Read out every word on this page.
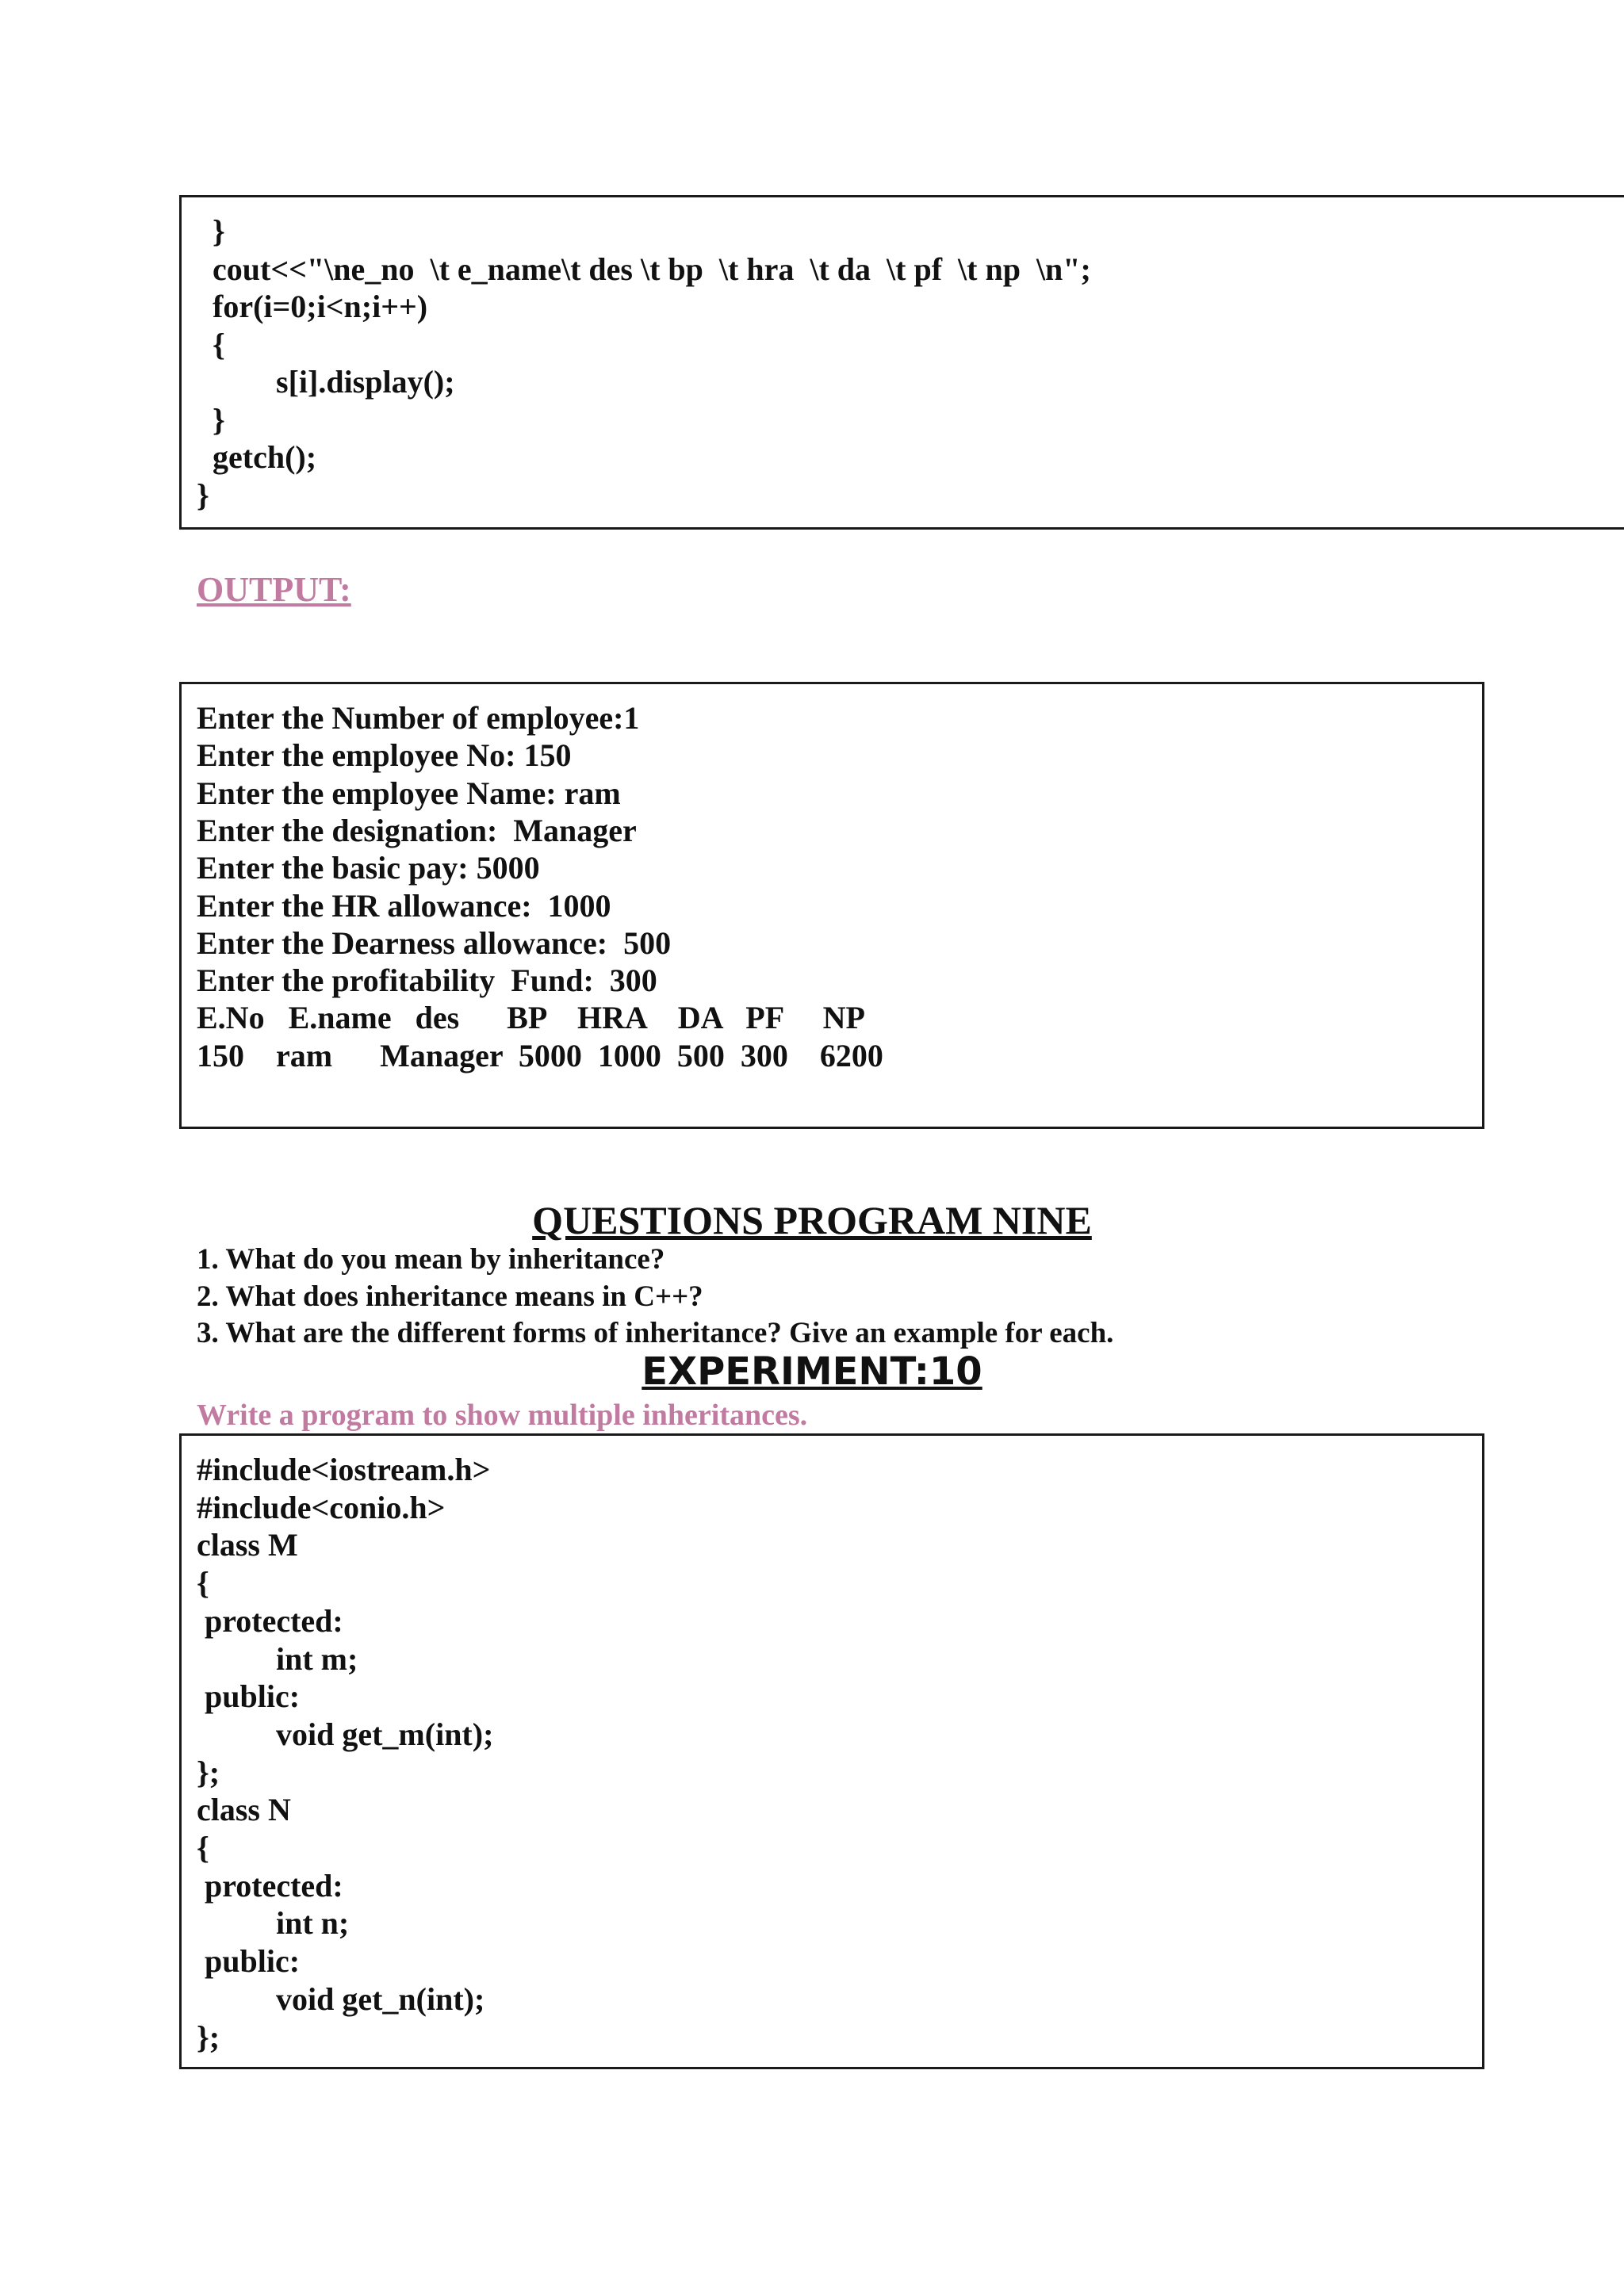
}
cout<<"\ne_no  \t e_name\t des \t bp  \t hra  \t da  \t pf  \t np  \n";
for(i=0;i<n;i++)
{
s[i].display();
}
getch();
}
OUTPUT:
Enter the Number of employee:1
Enter the employee No: 150
Enter the employee Name: ram
Enter the designation:  Manager
Enter the basic pay: 5000
Enter the HR allowance:  1000
Enter the Dearness allowance:  500
Enter the profitability  Fund:  300
E.No   E.name   des      BP    HRA    DA   PF     NP
150    ram      Manager  5000  1000  500  300    6200
QUESTIONS PROGRAM NINE
1. What do you mean by inheritance?
2. What does inheritance means in C++?
3. What are the different forms of inheritance? Give an example for each.
EXPERIMENT:10
Write a program to show multiple inheritances.
#include<iostream.h>
#include<conio.h>
class M
{
protected:
int m;
public:
void get_m(int);
};
class N
{
protected:
int n;
public:
void get_n(int);
};
